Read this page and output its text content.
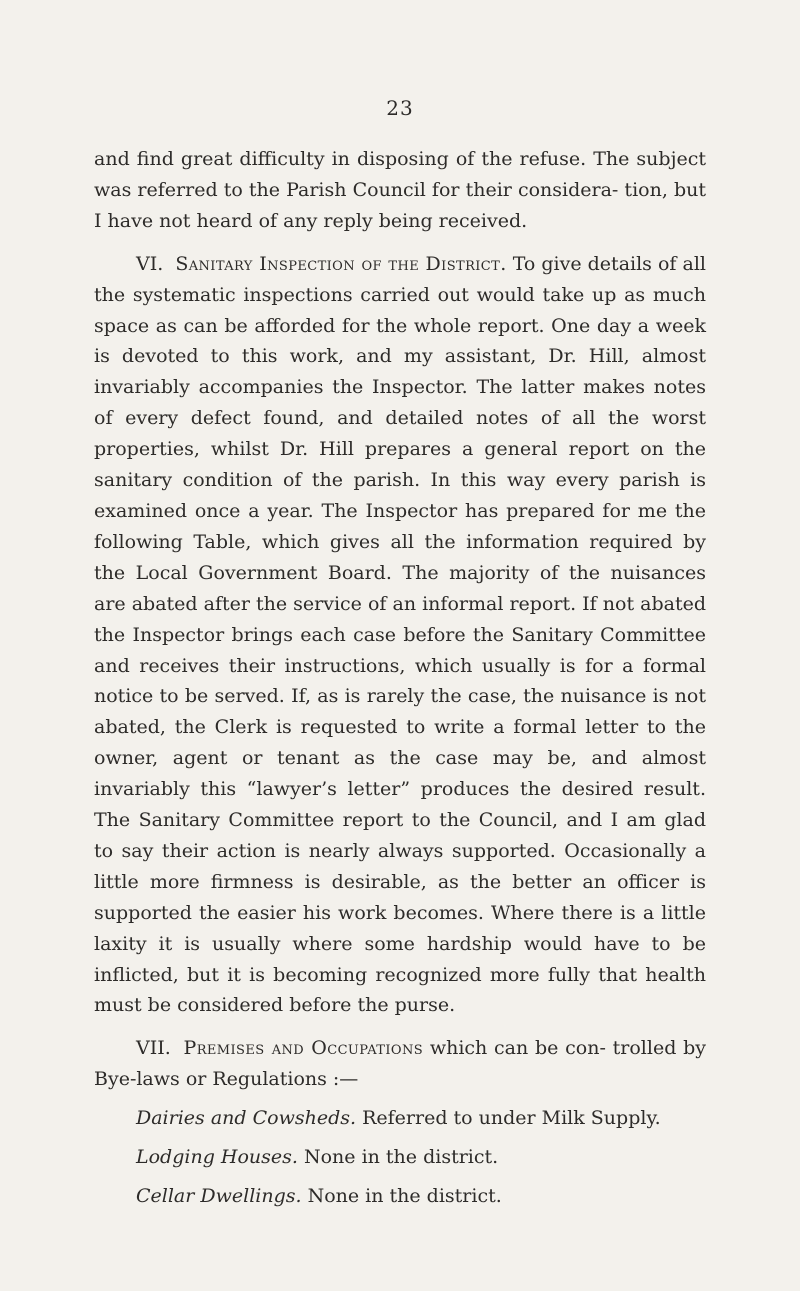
23

and find great difficulty in disposing of the refuse. The subject was referred to the Parish Council for their considera- tion, but I have not heard of any reply being received.

VI. Sanitary Inspection of the District. To give details of all the systematic inspections carried out would take up as much space as can be afforded for the whole report. One day a week is devoted to this work, and my assistant, Dr. Hill, almost invariably accompanies the Inspector. The latter makes notes of every defect found, and detailed notes of all the worst properties, whilst Dr. Hill prepares a general report on the sanitary condition of the parish. In this way every parish is examined once a year. The Inspector has prepared for me the following Table, which gives all the information required by the Local Government Board. The majority of the nuisances are abated after the service of an informal report. If not abated the Inspector brings each case before the Sanitary Committee and receives their instructions, which usually is for a formal notice to be served. If, as is rarely the case, the nuisance is not abated, the Clerk is requested to write a formal letter to the owner, agent or tenant as the case may be, and almost invariably this “lawyer’s letter” produces the desired result. The Sanitary Committee report to the Council, and I am glad to say their action is nearly always supported. Occasionally a little more firmness is desirable, as the better an officer is supported the easier his work becomes. Where there is a little laxity it is usually where some hardship would have to be inflicted, but it is becoming recognized more fully that health must be considered before the purse.

VII. Premises and Occupations which can be con- trolled by Bye-laws or Regulations :—

Dairies and Cowsheds. Referred to under Milk Supply.

Lodging Houses. None in the district.

Cellar Dwellings. None in the district.
